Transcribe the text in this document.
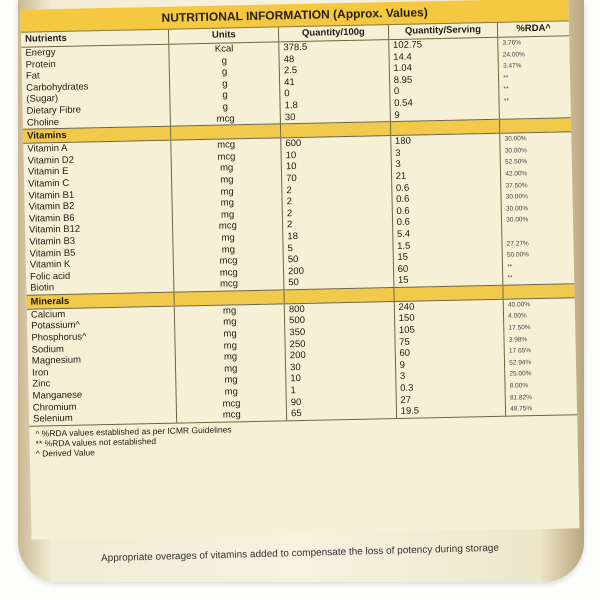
NUTRITIONAL INFORMATION (Approx. Values)
Nutrients	Units	Quantity/100g	Quantity/Serving	%RDA^
Energy	Kcal	378.5	102.75	3.76%
Protein	g	48	14.4	24.00%
Fat	g	2.5	1.04	3.47%
Carbohydrates	g	41	8.95	**
(Sugar)	g	0	0	**
Dietary Fibre	g	1.8	0.54	**
Choline	mcg	30	9	
Vitamins				
Vitamin A	mcg	600	180	30.00%
Vitamin D2	mcg	10	3	30.00%
Vitamin E	mg	10	3	52.50%
Vitamin C	mg	70	21	42.00%
Vitamin B1	mg	2	0.6	37.50%
Vitamin B2	mg	2	0.6	30.00%
Vitamin B6	mg	2	0.6	30.00%
Vitamin B12	mcg	2	0.6	30.00%
Vitamin B3	mg	18	5.4	
Vitamin B5	mg	5	1.5	27.27%
Vitamin K	mcg	50	15	50.00%
Folic acid	mcg	200	60	**
Biotin	mcg	50	15	**
Minerals				
Calcium	mg	800	240	40.00%
Potassium^	mg	500	150	4.00%
Phosphorus^	mg	350	105	17.50%
Sodium	mg	250	75	3.98%
Magnesium	mg	200	60	17.65%
Iron	mg	30	9	52.94%
Zinc	mg	10	3	25.00%
Manganese	mg	1	0.3	8.00%
Chromium	mcg	90	27	81.82%
Selenium	mcg	65	19.5	48.75%
^ %RDA values established as per ICMR Guidelines
** %RDA values not established
^ Derived Value
Appropriate overages of vitamins added to compensate the loss of potency during storage
